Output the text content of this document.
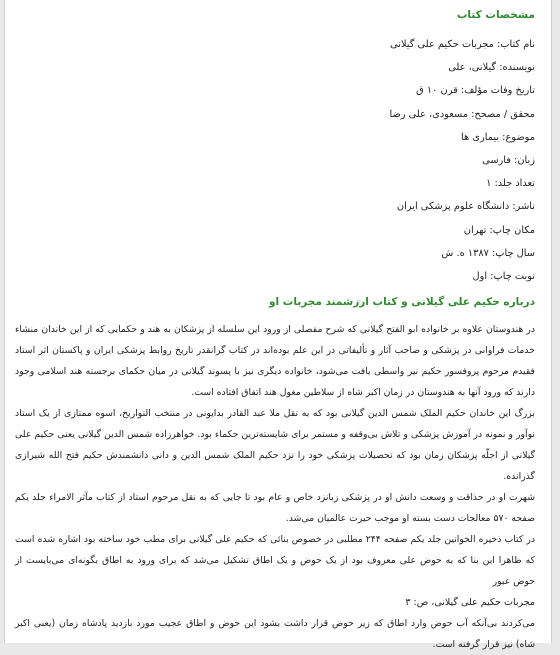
مشخصات کتاب
نام کتاب: مجربات حکیم علی گیلانی
نویسنده: گیلانی، علی
تاریخ وفات مؤلف: قرن ۱۰ ق
محقق / مصحح: مسعودی، علی رضا
موضوع: بیماری ها
زبان: فارسی
تعداد جلد: ۱
ناشر: دانشگاه علوم پزشکی ایران
مکان چاپ: تهران
سال چاپ: ۱۳۸۷ ه. ش
نوبت چاپ: اول
درباره حکیم علی گیلانی و کتاب ارزشمند مجربات او

در هندوستان علاوه بر خانواده ابو الفتح گیلانی که شرح مفصلی از ورود این سلسله از پزشکان به هند و حکمایی که از این خاندان منشاء خدمات فراوانی در پزشکی و صاحب آثار و تألیفاتی در این علم بوده‌اند در کتاب گرانقدر تاریخ روابط پزشکی ایران و پاکستان اثر استاد فقیدم مرحوم پروفسور حکیم نیر واسطی یافت می‌شود، خانواده دیگری نیز با پسوند گیلانی در میان حکمای برجسته هند اسلامی وجود دارند که ورود آنها به هندوستان در زمان اکبر شاه از سلاطین مغول هند اتفاق افتاده است.

بزرگ این خاندان حکیم الملک شمس الدین گیلانی بود که به نقل ملا عبد القادر بدایونی در منتخب التواریخ، اسوه ممتازی از یک استاد نوآور و نمونه در آموزش پزشکی و تلاش بی‌وقفه و مستمر برای شایسته‌ترین حکماء بود. خواهرزاده شمس الدین گیلانی یعنی حکیم علی گیلانی از اجلّه پزشکان زمان بود که تحصیلات پزشکی خود را نزد حکیم الملک شمس الدین و دانی دانشمندش حکیم فتح الله شیرازی گذرانده.

شهرت او در حذاقت و وسعت دانش او در پزشکی زبانزد خاص و عام بود تا جایی که به نقل مرحوم استاد از کتاب مآثر الامراء جلد یکم صفحه ۵۷۰ معالجات دست بسته او موجب حیرت عالمیان می‌شد.

در کتاب ذخیره الخوانین جلد یکم صفحه ۲۴۴ مطلبی در خصوص بنائی که حکیم علی گیلانی برای مطب خود ساخته بود اشاره شده است که ظاهرا این بنا که به حوض علی معروف بود از یک حوض و یک اطاق تشکیل می‌شد که برای ورود به اطاق بگونه‌ای می‌بایست از حوض عبور

مجربات حکیم علی گیلانی، ص: ۳

می‌کردند بی‌آنکه آب حوض وارد اطاق که زیر حوض قرار داشت بشود این حوض و اطاق عجیب مورد بازدید پادشاه زمان (یعنی اکبر شاه) نیز قرار گرفته است.
